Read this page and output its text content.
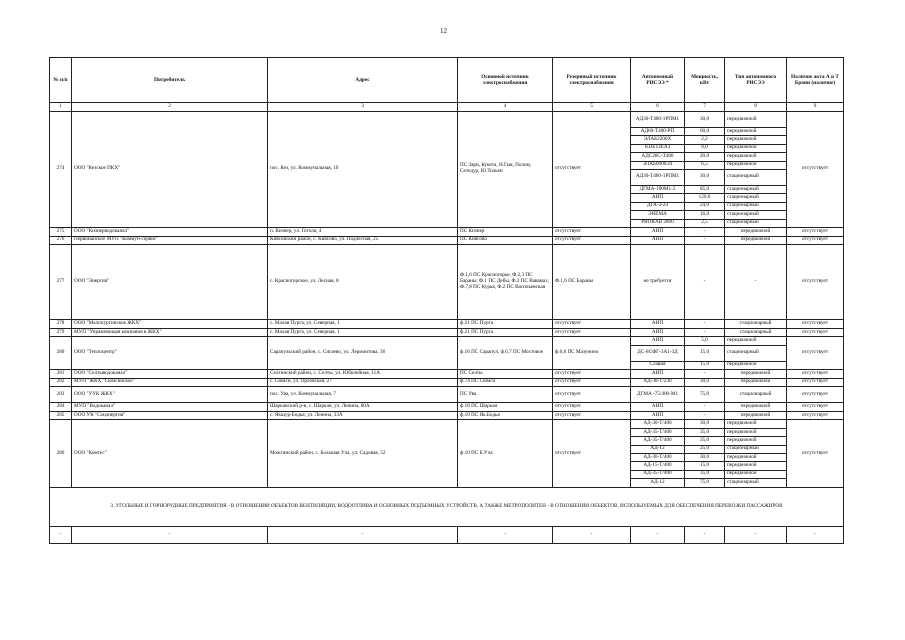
12
№ п/п	Потребитель	Адрес	Основной источник электроснабжения	Резервный источник электроснабжения	Автономный РИСЭЭ *	Мощность, кВт	Тип автономного РИСЭЭ	Наличие акта А и Т Брони (наличие)
1	2	3	4	5	6	7	8	9
274	ООО "Кезское ПКХ"	пос. Кез, ул. Коммунальная, 10	ПС Зари, Кукета, Н.Гыя, Полом, Сетедур, Ю.Тольен	отсутствует	АД30-Т400-1РПМ1	30,0	передвижной	отсутствует
					АД60-Т400-РП	60,0	передвижной	
					ЭЛАБ2200Х	2,2	передвижной	
					KDE12EA3	8,0	передвижной	
					АДС20С-Т400	20,0	передвижной	
					ЭЛАБ6000ЭЗ	6,5	передвижной	
					АД30-Т400-1РПМ1	30,0	стационарный	
					ДГМА-100М1-2	85,0	стационарный	
					АИП	120,0	стационарный	
					ДГА-3-24	24,0	стационарный	
					ЭНЕМА	16,0	стационарный	
					PRORAB 2800	2,5	стационарный	
275	ООО "Кизнерводоканал"	п. Кизнер, ул. Гоголя, 4	ПС Кизнер	отсутствует	АИП	-	передвижной	отсутствует
276	Первомайское МУП "Коммун-сервис"	Киясовский район, с. Киясово, ул. Подлесная, 25	ПС Киясово	отсутствует	АИП	-	передвижной	отсутствует
277	ООО "Энергия"	с. Красногорское, ул. Лесная, 8	Ф.1,6 ПС Красногорье, Ф.2,3 ПС Бараны, Ф.1 ПС Дебы, Ф.2 ПС Вавамах, Ф.7,8 ПС Курья, Ф.2 ПС Васильевская	Ф.1,6 ПС Бараны	не требуется	-	-	отсутствует
278	ООО "Малопургинское ЖКХ"	с. Малая Пурга, ул. Северная, 1	ф.21 ПС Пурга	отсутствует	АИП	-	стационарный	отсутствует
279	МУП "Управляющая компания в ЖКХ"	с. Малая Пурга, ул. Северная, 1	ф.21 ПС Пурга	отсутствует	АИП	-	стационарный	отсутствует
280	ООО "Теплоцентр"	Сарапульский район, с. Сигаево, ул. Лермонтова, 36	ф.16 ПС Сарапул, ф.6,7 ПС Мостовое	ф.6,8 ПС Мазунино	АИП	5,0	передвижной	отсутствует
					ДС-8СФГ-3А1-3Д	15,0	стационарный	
					Славия	15,0	передвижной	
281	ООО "Селтыводоканал"	Селтинский район, с. Селты, ул. Юбилейная, 11А	ПС Селты	отсутствует	АИП	-	передвижной	отсутствует
282	МУП "ЖКХ "Сюмсинское"	с. Сюмси, ул. Орловская, 27	ф.74 ПС Сюмси	отсутствует	АД-30-Т/230	30,0	передвижной	отсутствует
283	ООО "УУК ЖКХ"	пос. Ува, ул. Коммунальная, 7	ПС Ува	отсутствует	ДГМА -75/400-М1	75,0	стационарный	отсутствует
284	МУП "Водоканал"	Шарканский р-н, с. Шаркан, ул. Ленина, 80А	ф.18 ПС Шаркан	отсутствует	АИП	-	передвижной	отсутствует
285	ООО УК "Соцэнергия"	с. Якшур-Бодья, ул. Ленина, 33А	ф.10 ПС Як.Бодья	отсутствует	АИП	-	передвижной	отсутствует
286	ООО "Комтес"	Можгинский район, с. Большая Уча, ул. Садовая, 52	ф.10 ПС Б.Уча	отсутствует	АД-30-Т/400	30,0	передвижной	отсутствует
					АД-35-Т/400	35,0	передвижной	
					АД-35-Т/400	35,0	передвижной	
					АД-12	25,0	стационарный	
					АД-30-Т/400	30,0	передвижной	
					АД-15-Т/400	15,0	передвижной	
					АД-35-Т/400	35,0	передвижной	
					АД-12	75,0	стационарный	
3. УГОЛЬНЫЕ И ГОРНОРУДНЫЕ ПРЕДПРИЯТИЯ - В ОТНОШЕНИИ ОБЪЕКТОВ ВЕНТИЛЯЦИИ, ВОДООТЛИВА И ОСНОВНЫХ ПОДЪЕМНЫХ УСТРОЙСТВ, А ТАКЖЕ МЕТРОПОЛИТЕН - В ОТНОШЕНИИ ОБЪЕКТОВ, ИСПОЛЬЗУЕМЫХ ДЛЯ ОБЕСПЕЧЕНИЯ ПЕРЕВОЗКИ ПАССАЖИРОВ								
-	-	-	-	-	-	-	-	-
